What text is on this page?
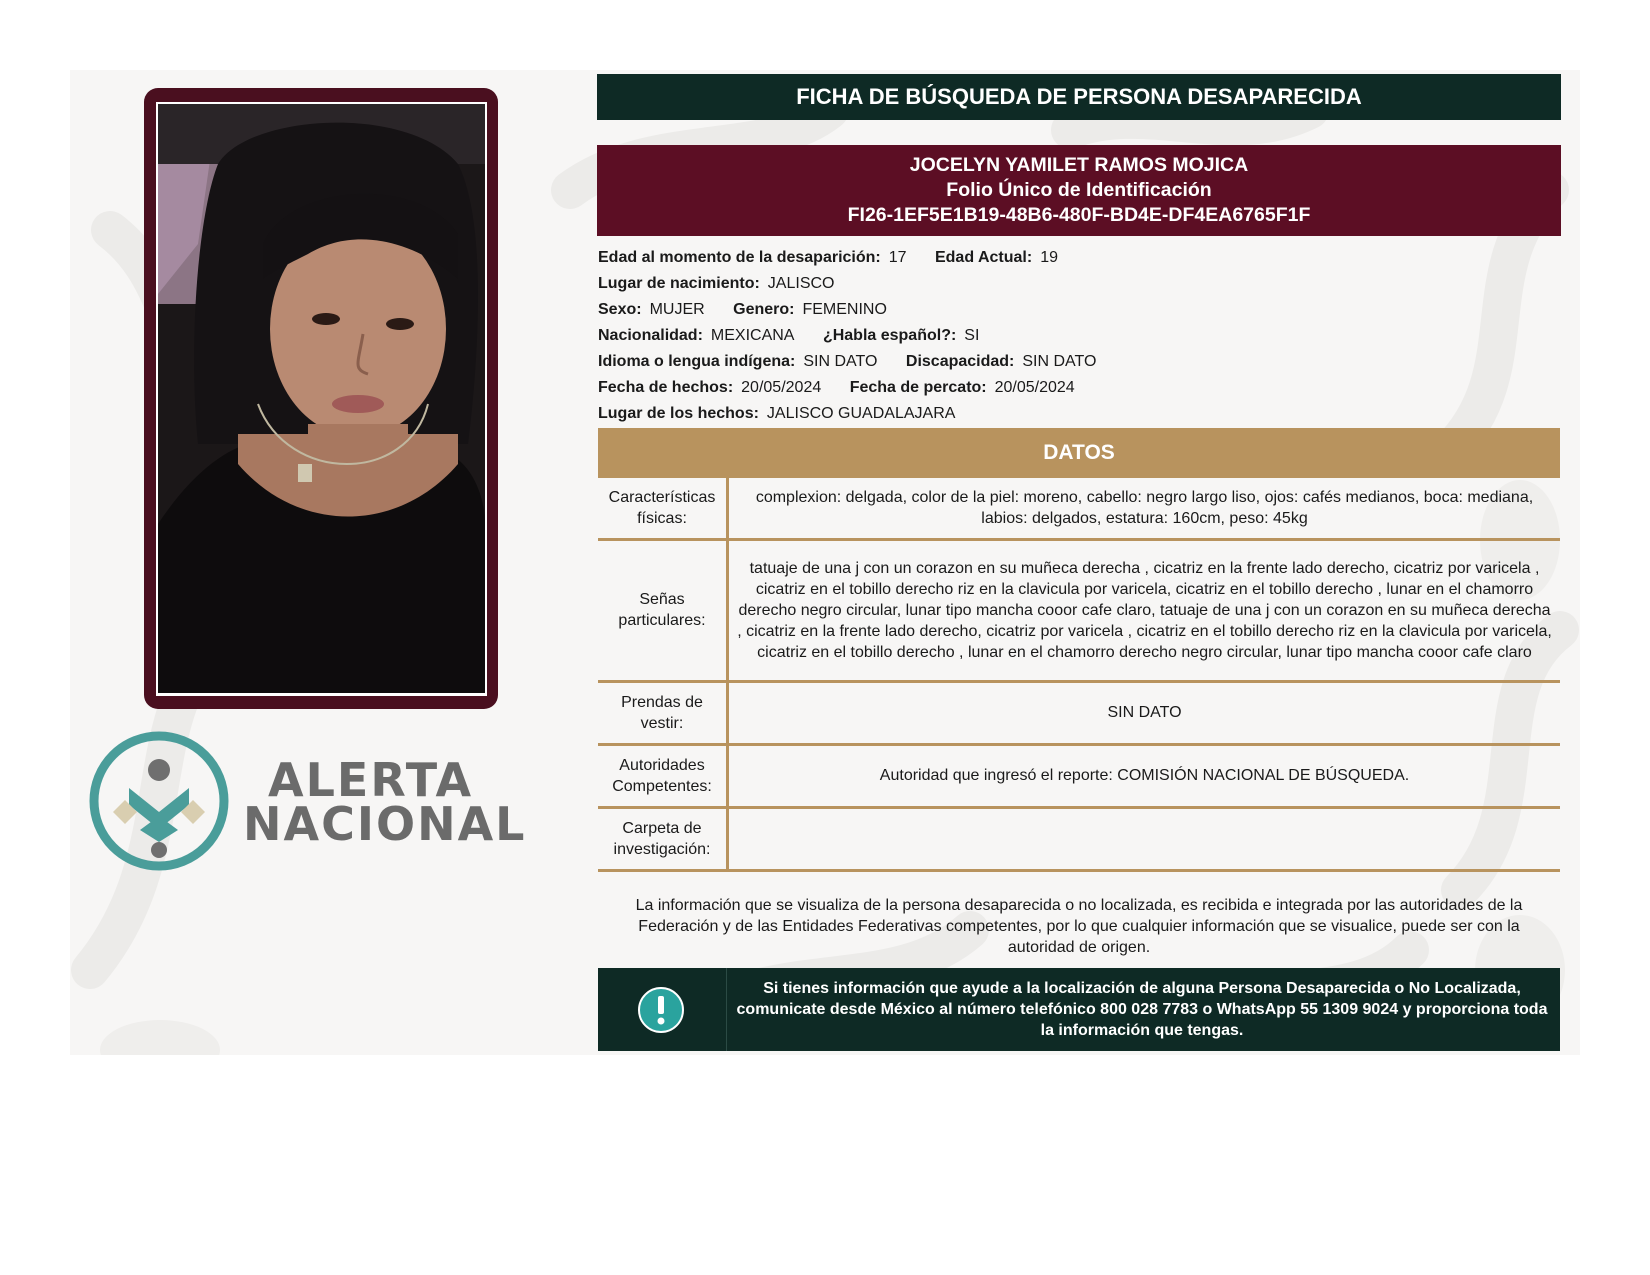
ALERTA
NACIONAL
FICHA DE BÚSQUEDA DE PERSONA DESAPARECIDA
JOCELYN YAMILET RAMOS MOJICA
Folio Único de Identificación
FI26-1EF5E1B19-48B6-480F-BD4E-DF4EA6765F1F
Edad al momento de la desaparición: 17 Edad Actual: 19
Lugar de nacimiento: JALISCO
Sexo: MUJER Genero: FEMENINO
Nacionalidad: MEXICANA ¿Habla español?: SI
Idioma o lengua indígena: SIN DATO Discapacidad: SIN DATO
Fecha de hechos: 20/05/2024 Fecha de percato: 20/05/2024
Lugar de los hechos: JALISCO GUADALAJARA
DATOS
Características físicas:	complexion: delgada, color de la piel: moreno, cabello: negro largo liso, ojos: cafés medianos, boca: mediana, labios: delgados, estatura: 160cm, peso: 45kg
Señas particulares:	tatuaje de una j con un corazon en su muñeca derecha , cicatriz en la frente lado derecho, cicatriz por varicela , cicatriz en el tobillo derecho riz en la clavicula por varicela, cicatriz en el tobillo derecho , lunar en el chamorro derecho negro circular, lunar tipo mancha cooor cafe claro, tatuaje de una j con un corazon en su muñeca derecha , cicatriz en la frente lado derecho, cicatriz por varicela , cicatriz en el tobillo derecho riz en la clavicula por varicela, cicatriz en el tobillo derecho , lunar en el chamorro derecho negro circular, lunar tipo mancha cooor cafe claro
Prendas de vestir:	SIN DATO
Autoridades Competentes:	Autoridad que ingresó el reporte: COMISIÓN NACIONAL DE BÚSQUEDA.
Carpeta de investigación:	
La información que se visualiza de la persona desaparecida o no localizada, es recibida e integrada por las autoridades de la Federación y de las Entidades Federativas competentes, por lo que cualquier información que se visualice, puede ser con la autoridad de origen.
Si tienes información que ayude a la localización de alguna Persona Desaparecida o No Localizada, comunicate desde México al número telefónico 800 028 7783 o WhatsApp 55 1309 9024 y proporciona toda la información que tengas.
